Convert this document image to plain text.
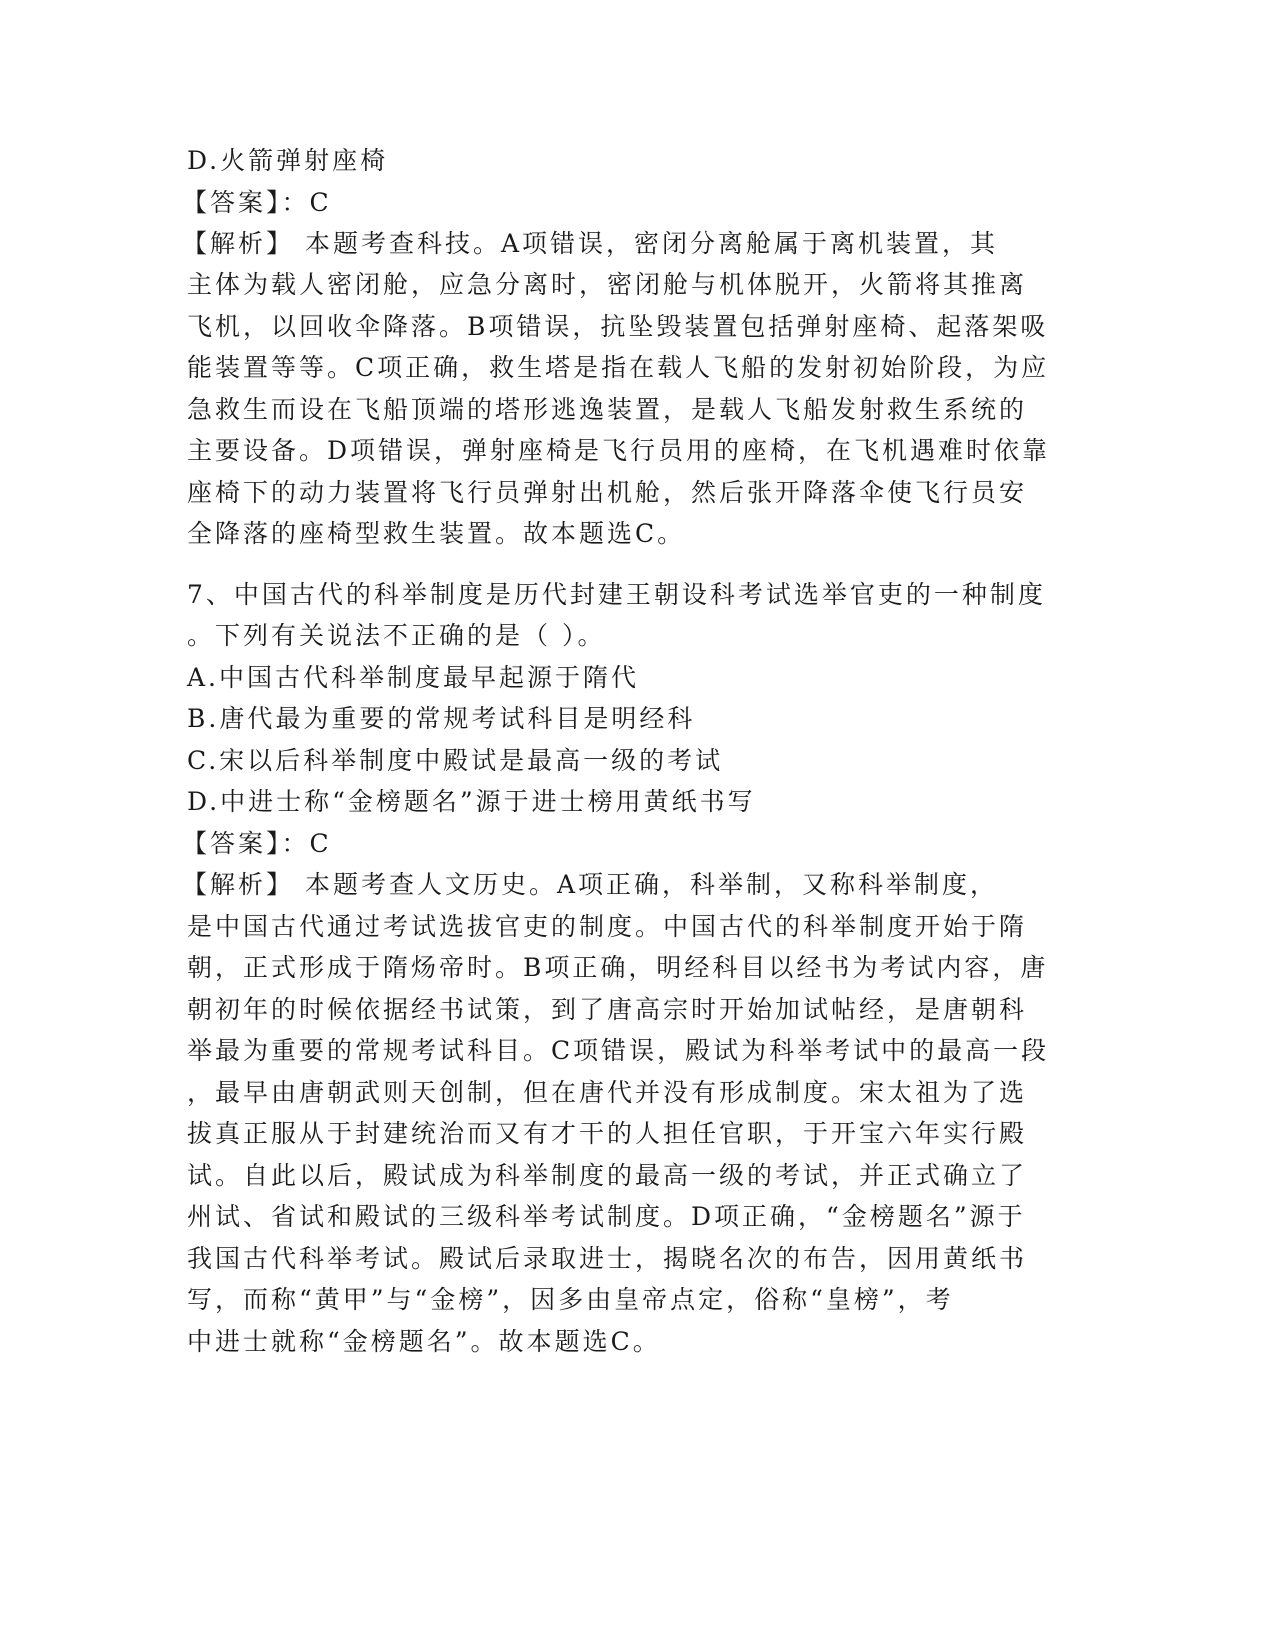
D.火箭弹射座椅
【答案】：C
【解析】 本题考查科技。A项错误，密闭分离舱属于离机装置，其
主体为载人密闭舱，应急分离时，密闭舱与机体脱开，火箭将其推离
飞机，以回收伞降落。B项错误，抗坠毁装置包括弹射座椅、起落架吸
能装置等等。C项正确，救生塔是指在载人飞船的发射初始阶段，为应
急救生而设在飞船顶端的塔形逃逸装置，是载人飞船发射救生系统的
主要设备。D项错误，弹射座椅是飞行员用的座椅，在飞机遇难时依靠
座椅下的动力装置将飞行员弹射出机舱，然后张开降落伞使飞行员安
全降落的座椅型救生装置。故本题选C。
7、中国古代的科举制度是历代封建王朝设科考试选举官吏的一种制度
。下列有关说法不正确的是（ ）。
A.中国古代科举制度最早起源于隋代
B.唐代最为重要的常规考试科目是明经科
C.宋以后科举制度中殿试是最高一级的考试
D.中进士称“金榜题名”源于进士榜用黄纸书写
【答案】：C
【解析】 本题考查人文历史。A项正确，科举制，又称科举制度，
是中国古代通过考试选拔官吏的制度。中国古代的科举制度开始于隋
朝，正式形成于隋炀帝时。B项正确，明经科目以经书为考试内容，唐
朝初年的时候依据经书试策，到了唐高宗时开始加试帖经，是唐朝科
举最为重要的常规考试科目。C项错误，殿试为科举考试中的最高一段
，最早由唐朝武则天创制，但在唐代并没有形成制度。宋太祖为了选
拔真正服从于封建统治而又有才干的人担任官职，于开宝六年实行殿
试。自此以后，殿试成为科举制度的最高一级的考试，并正式确立了
州试、省试和殿试的三级科举考试制度。D项正确，“金榜题名”源于
我国古代科举考试。殿试后录取进士，揭晓名次的布告，因用黄纸书
写，而称“黄甲”与“金榜”，因多由皇帝点定，俗称“皇榜”，考
中进士就称“金榜题名”。故本题选C。
